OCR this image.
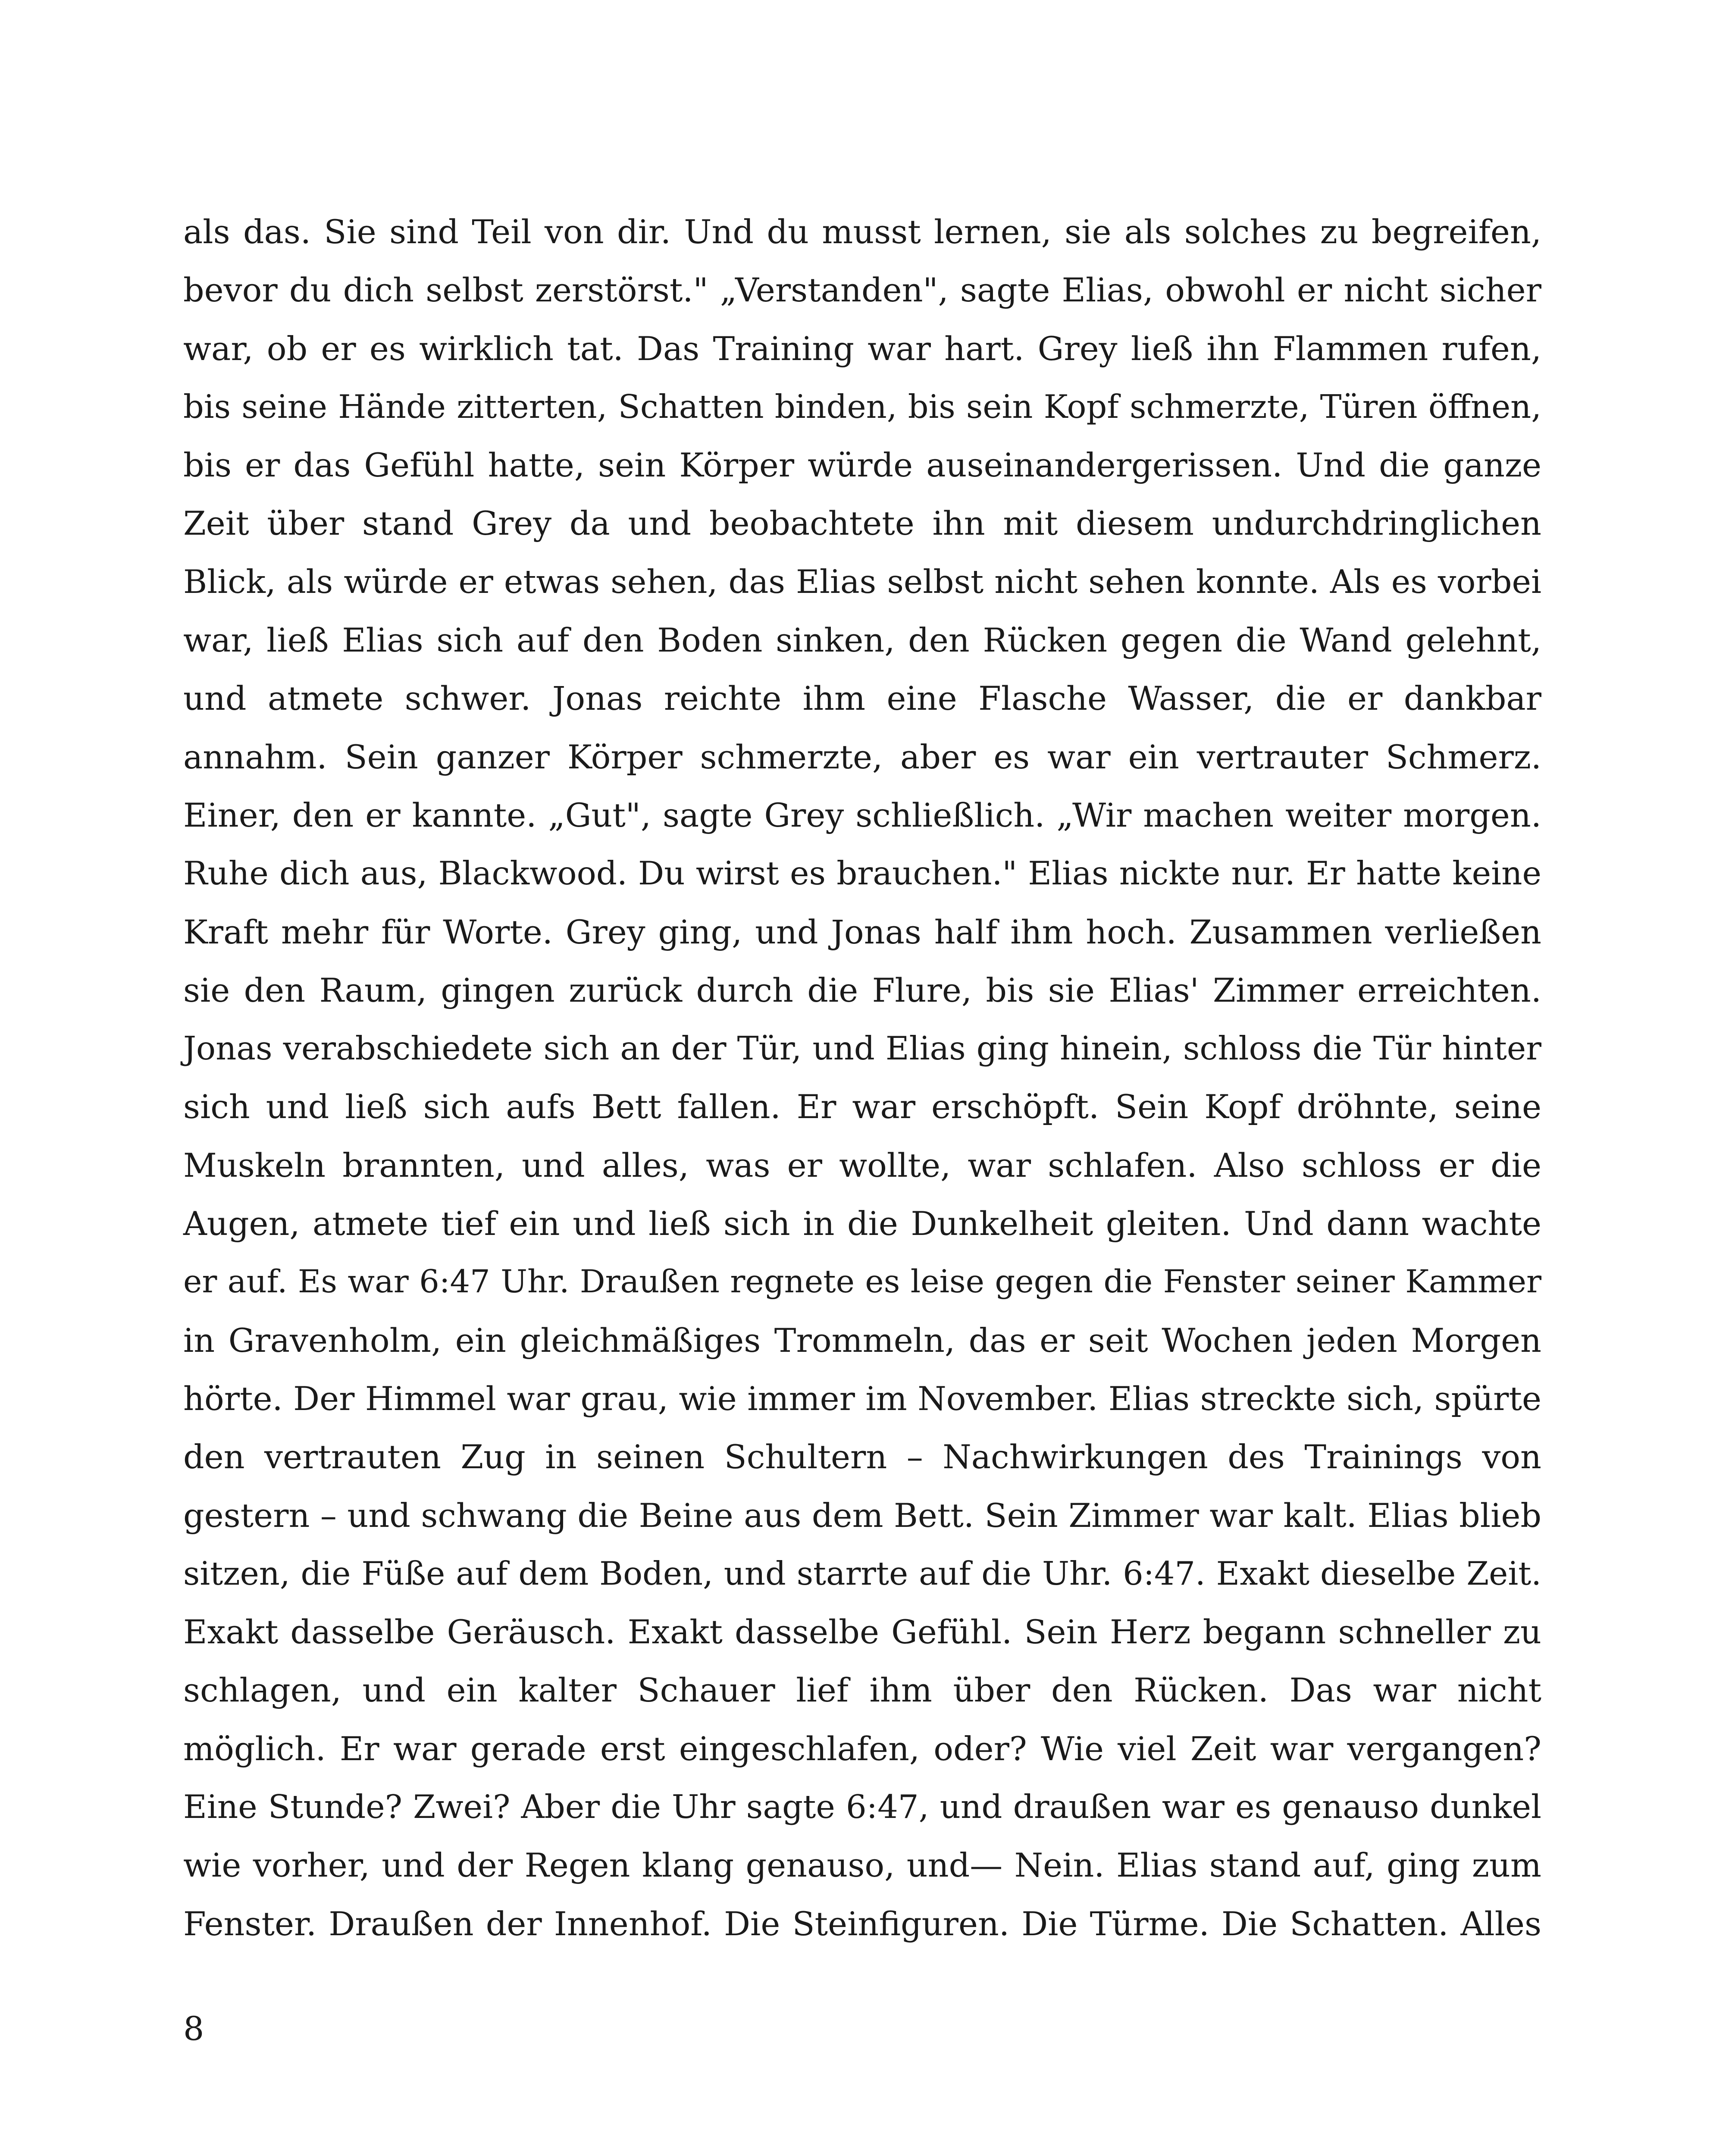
als das. Sie sind Teil von dir. Und du musst lernen, sie als solches zu begreifen,
bevor du dich selbst zerstörst." „Verstanden", sagte Elias, obwohl er nicht sicher
war, ob er es wirklich tat. Das Training war hart. Grey ließ ihn Flammen rufen,
bis seine Hände zitterten, Schatten binden, bis sein Kopf schmerzte, Türen öffnen,
bis er das Gefühl hatte, sein Körper würde auseinandergerissen. Und die ganze
Zeit über stand Grey da und beobachtete ihn mit diesem undurchdringlichen
Blick, als würde er etwas sehen, das Elias selbst nicht sehen konnte. Als es vorbei
war, ließ Elias sich auf den Boden sinken, den Rücken gegen die Wand gelehnt,
und atmete schwer. Jonas reichte ihm eine Flasche Wasser, die er dankbar
annahm. Sein ganzer Körper schmerzte, aber es war ein vertrauter Schmerz.
Einer, den er kannte. „Gut", sagte Grey schließlich. „Wir machen weiter morgen.
Ruhe dich aus, Blackwood. Du wirst es brauchen." Elias nickte nur. Er hatte keine
Kraft mehr für Worte. Grey ging, und Jonas half ihm hoch. Zusammen verließen
sie den Raum, gingen zurück durch die Flure, bis sie Elias' Zimmer erreichten.
Jonas verabschiedete sich an der Tür, und Elias ging hinein, schloss die Tür hinter
sich und ließ sich aufs Bett fallen. Er war erschöpft. Sein Kopf dröhnte, seine
Muskeln brannten, und alles, was er wollte, war schlafen. Also schloss er die
Augen, atmete tief ein und ließ sich in die Dunkelheit gleiten. Und dann wachte
er auf. Es war 6:47 Uhr. Draußen regnete es leise gegen die Fenster seiner Kammer
in Gravenholm, ein gleichmäßiges Trommeln, das er seit Wochen jeden Morgen
hörte. Der Himmel war grau, wie immer im November. Elias streckte sich, spürte
den vertrauten Zug in seinen Schultern – Nachwirkungen des Trainings von
gestern – und schwang die Beine aus dem Bett. Sein Zimmer war kalt. Elias blieb
sitzen, die Füße auf dem Boden, und starrte auf die Uhr. 6:47. Exakt dieselbe Zeit.
Exakt dasselbe Geräusch. Exakt dasselbe Gefühl. Sein Herz begann schneller zu
schlagen, und ein kalter Schauer lief ihm über den Rücken. Das war nicht
möglich. Er war gerade erst eingeschlafen, oder? Wie viel Zeit war vergangen?
Eine Stunde? Zwei? Aber die Uhr sagte 6:47, und draußen war es genauso dunkel
wie vorher, und der Regen klang genauso, und— Nein. Elias stand auf, ging zum
Fenster. Draußen der Innenhof. Die Steinfiguren. Die Türme. Die Schatten. Alles
8
